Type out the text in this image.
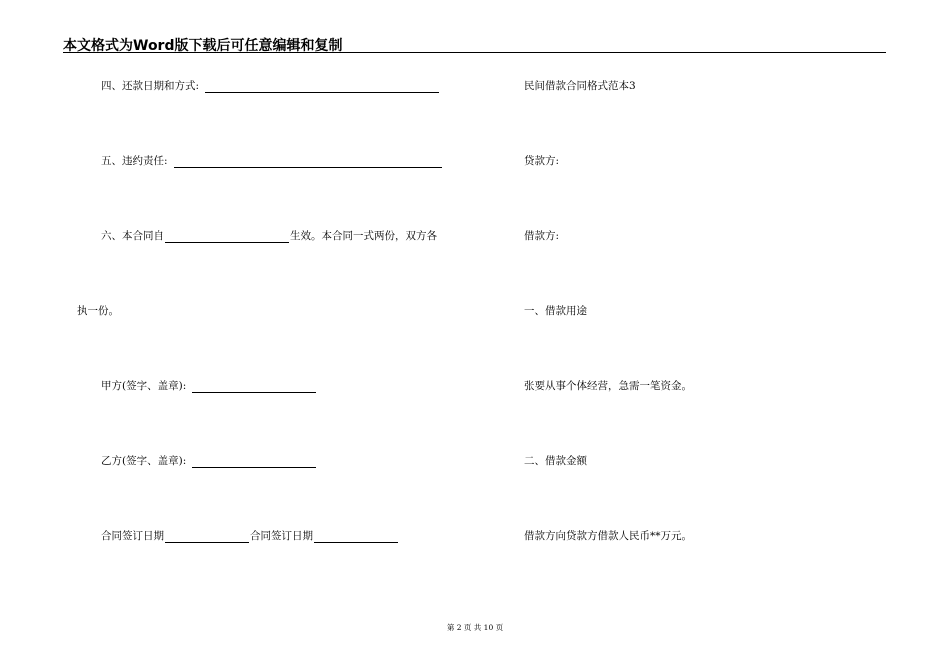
本文格式为Word版下载后可任意编辑和复制
四、还款日期和方式:
五、违约责任:
六、本合同自	生效。本合同一式两份，双方各
执一份。
甲方(签字、盖章):
乙方(签字、盖章):
合同签订日期	合同签订日期
民间借款合同格式范本3
贷款方:
借款方:
一、借款用途
张要从事个体经营，急需一笔资金。
二、借款金额
借款方向贷款方借款人民币**万元。
第 2 页 共 10 页
